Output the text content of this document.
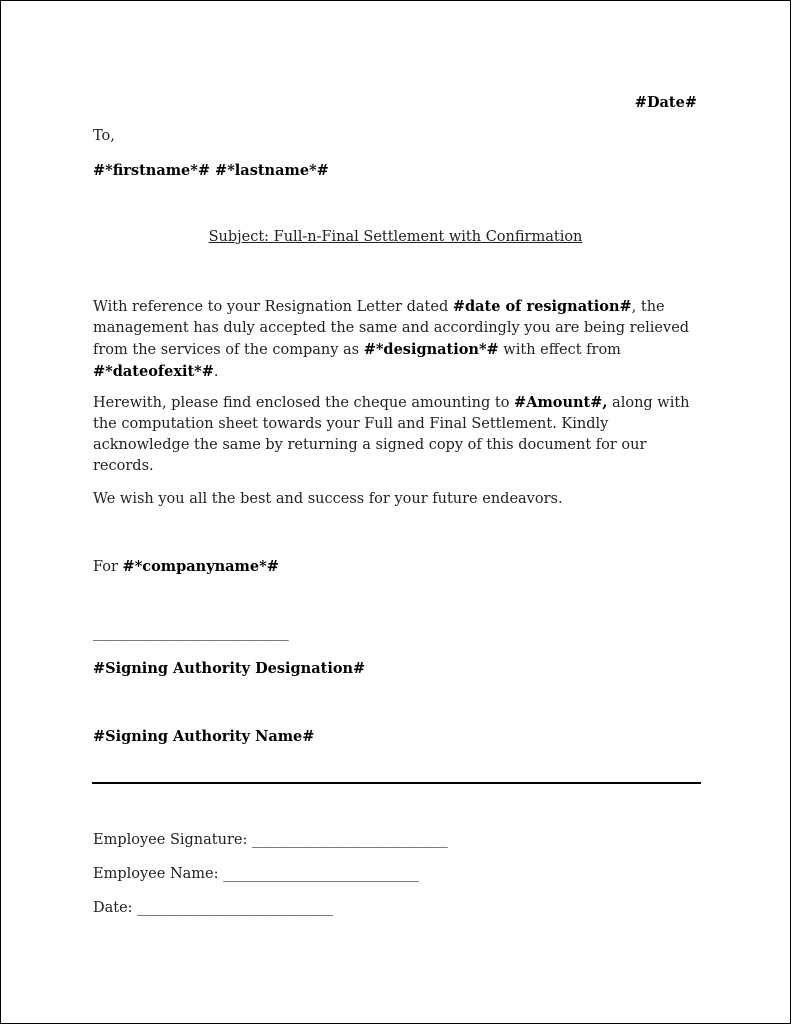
#Date#
To,
#*firstname*# #*lastname*#
Subject: Full-n-Final Settlement with Confirmation
With reference to your Resignation Letter dated #date of resignation#, the management has duly accepted the same and accordingly you are being relieved from the services of the company as #*designation*# with effect from #*dateofexit*#.
Herewith, please find enclosed the cheque amounting to #Amount#, along with the computation sheet towards your Full and Final Settlement. Kindly acknowledge the same by returning a signed copy of this document for our records.
We wish you all the best and success for your future endeavors.
For #*companyname*#
___________________________
#Signing Authority Designation#
#Signing Authority Name#
Employee Signature: ___________________________
Employee Name: ___________________________
Date: ___________________________
